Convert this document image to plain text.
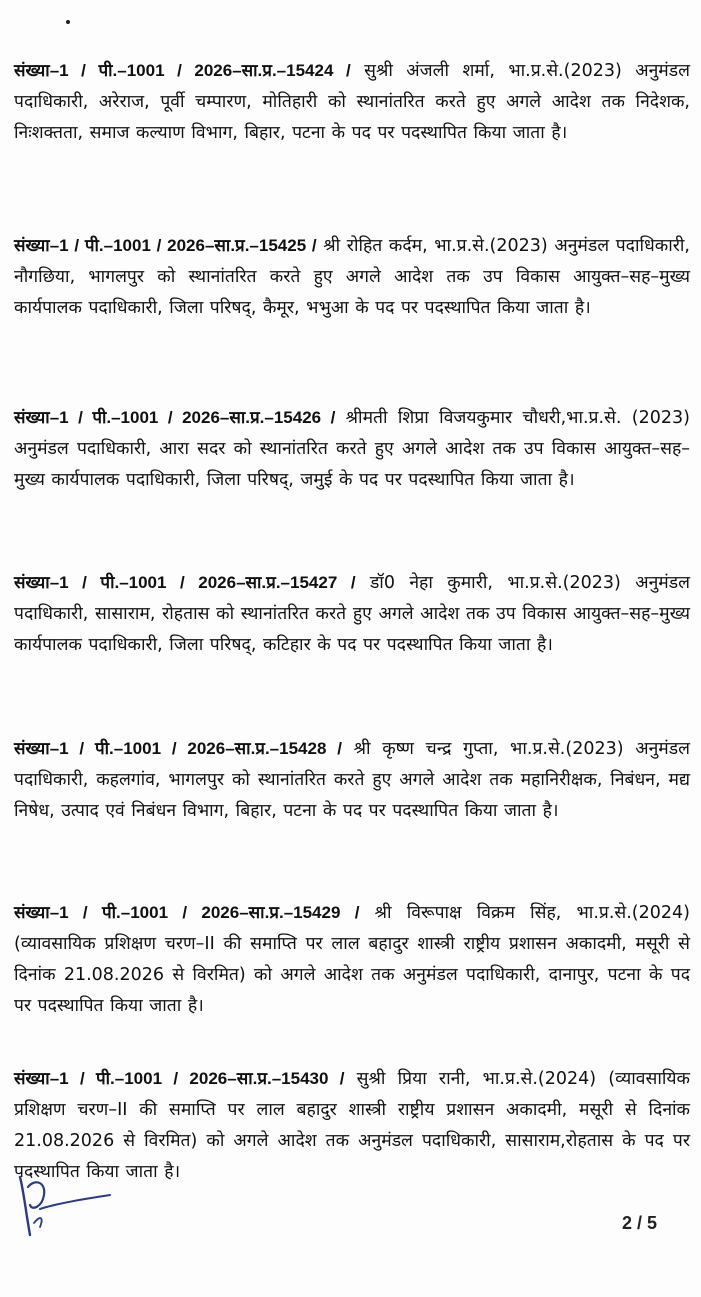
संख्या–1 / पी.–1001 / 2026–सा.प्र.–15424 / सुश्री अंजली शर्मा, भा.प्र.से.(2023) अनुमंडल पदाधिकारी, अरेराज, पूर्वी चम्पारण, मोतिहारी को स्थानांतरित करते हुए अगले आदेश तक निदेशक, निःशक्तता, समाज कल्याण विभाग, बिहार, पटना के पद पर पदस्थापित किया जाता है।
संख्या–1 / पी.–1001 / 2026–सा.प्र.–15425 / श्री रोहित कर्दम, भा.प्र.से.(2023) अनुमंडल पदाधिकारी, नौगछिया, भागलपुर को स्थानांतरित करते हुए अगले आदेश तक उप विकास आयुक्त–सह–मुख्य कार्यपालक पदाधिकारी, जिला परिषद्, कैमूर, भभुआ के पद पर पदस्थापित किया जाता है।
संख्या–1 / पी.–1001 / 2026–सा.प्र.–15426 / श्रीमती शिप्रा विजयकुमार चौधरी,भा.प्र.से. (2023) अनुमंडल पदाधिकारी, आरा सदर को स्थानांतरित करते हुए अगले आदेश तक उप विकास आयुक्त–सह–मुख्य कार्यपालक पदाधिकारी, जिला परिषद्, जमुई के पद पर पदस्थापित किया जाता है।
संख्या–1 / पी.–1001 / 2026–सा.प्र.–15427 / डॉ0 नेहा कुमारी, भा.प्र.से.(2023) अनुमंडल पदाधिकारी, सासाराम, रोहतास को स्थानांतरित करते हुए अगले आदेश तक उप विकास आयुक्त–सह–मुख्य कार्यपालक पदाधिकारी, जिला परिषद्, कटिहार के पद पर पदस्थापित किया जाता है।
संख्या–1 / पी.–1001 / 2026–सा.प्र.–15428 / श्री कृष्ण चन्द्र गुप्ता, भा.प्र.से.(2023) अनुमंडल पदाधिकारी, कहलगांव, भागलपुर को स्थानांतरित करते हुए अगले आदेश तक महानिरीक्षक, निबंधन, मद्य निषेध, उत्पाद एवं निबंधन विभाग, बिहार, पटना के पद पर पदस्थापित किया जाता है।
संख्या–1 / पी.–1001 / 2026–सा.प्र.–15429 / श्री विरूपाक्ष विक्रम सिंह, भा.प्र.से.(2024) (व्यावसायिक प्रशिक्षण चरण–II की समाप्ति पर लाल बहादुर शास्त्री राष्ट्रीय प्रशासन अकादमी, मसूरी से दिनांक 21.08.2026 से विरमित) को अगले आदेश तक अनुमंडल पदाधिकारी, दानापुर, पटना के पद पर पदस्थापित किया जाता है।
संख्या–1 / पी.–1001 / 2026–सा.प्र.–15430 / सुश्री प्रिया रानी, भा.प्र.से.(2024) (व्यावसायिक प्रशिक्षण चरण–II की समाप्ति पर लाल बहादुर शास्त्री राष्ट्रीय प्रशासन अकादमी, मसूरी से दिनांक 21.08.2026 से विरमित) को अगले आदेश तक अनुमंडल पदाधिकारी, सासाराम,रोहतास के पद पर पदस्थापित किया जाता है।
2 / 5
